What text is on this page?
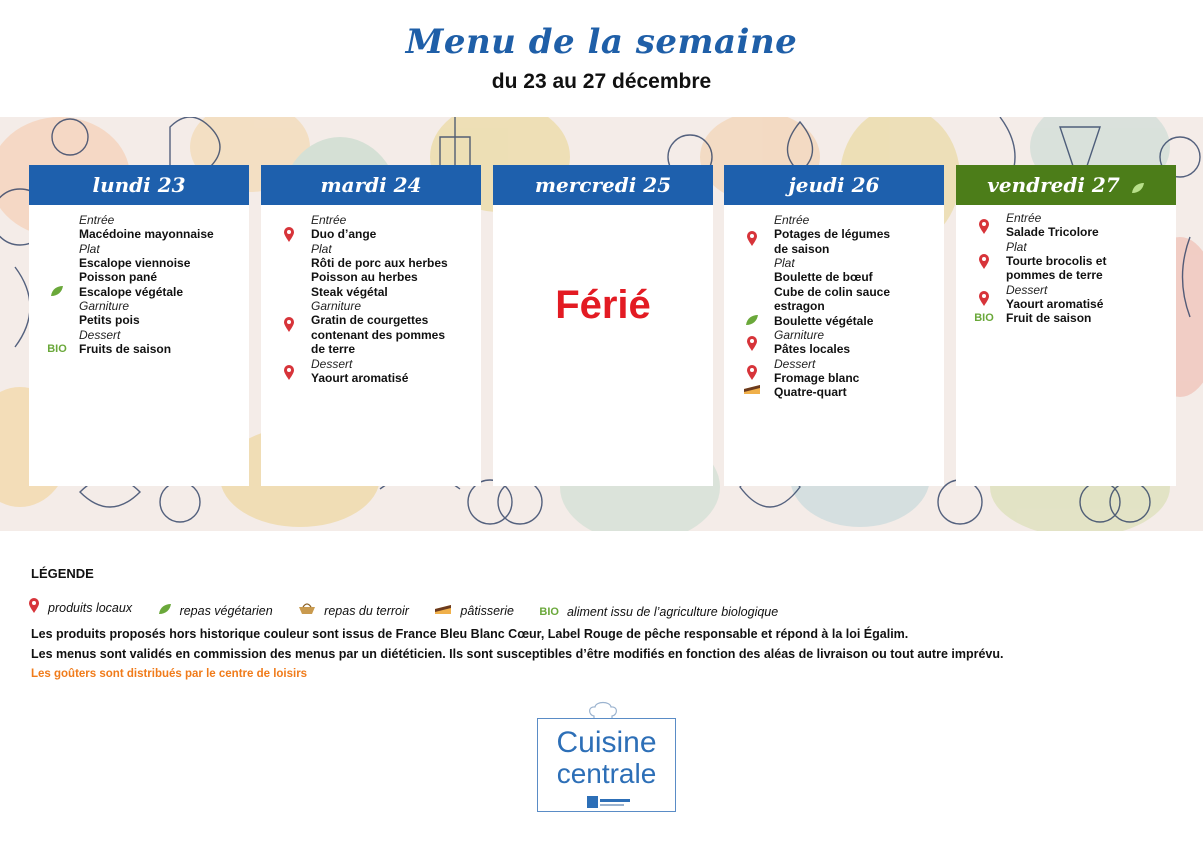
Menu de la semaine
du 23 au 27 décembre
lundi 23
Entrée
Macédoine mayonnaise
Plat
Escalope viennoise
Poisson pané
Escalope végétale
Garniture
Petits pois
Dessert
BIO	Fruits de saison
mardi 24
Entrée
Duo d’ange
Plat
Rôti de porc aux herbes
Poisson au herbes
Steak végétal
Garniture
Gratin de courgettes
contenant des pommes
de terre
Dessert
Yaourt aromatisé
mercredi 25
Férié
jeudi 26
Entrée
Potages de légumes
de saison
Plat
Boulette de bœuf
Cube de colin sauce
estragon
Boulette végétale
Garniture
Pâtes locales
Dessert
Fromage blanc
Quatre-quart
vendredi 27
Entrée
Salade Tricolore
Plat
Tourte brocolis et
pommes de terre
Dessert
Yaourt aromatisé
BIO	Fruit de saison
LÉGENDE
produits locaux
	repas végétarien
	repas du terroir
	pâtisserie
BIO aliment issu de l’agriculture biologique
Les produits proposés hors historique couleur sont issus de France Bleu Blanc Cœur, Label Rouge de pêche responsable et répond à la loi Égalim.
Les menus sont validés en commission des menus par un diététicien. Ils sont susceptibles d’être modifiés en fonction des aléas de livraison ou tout autre imprévu.
Les goûters sont distribués par le centre de loisirs
Cuisine
centrale
